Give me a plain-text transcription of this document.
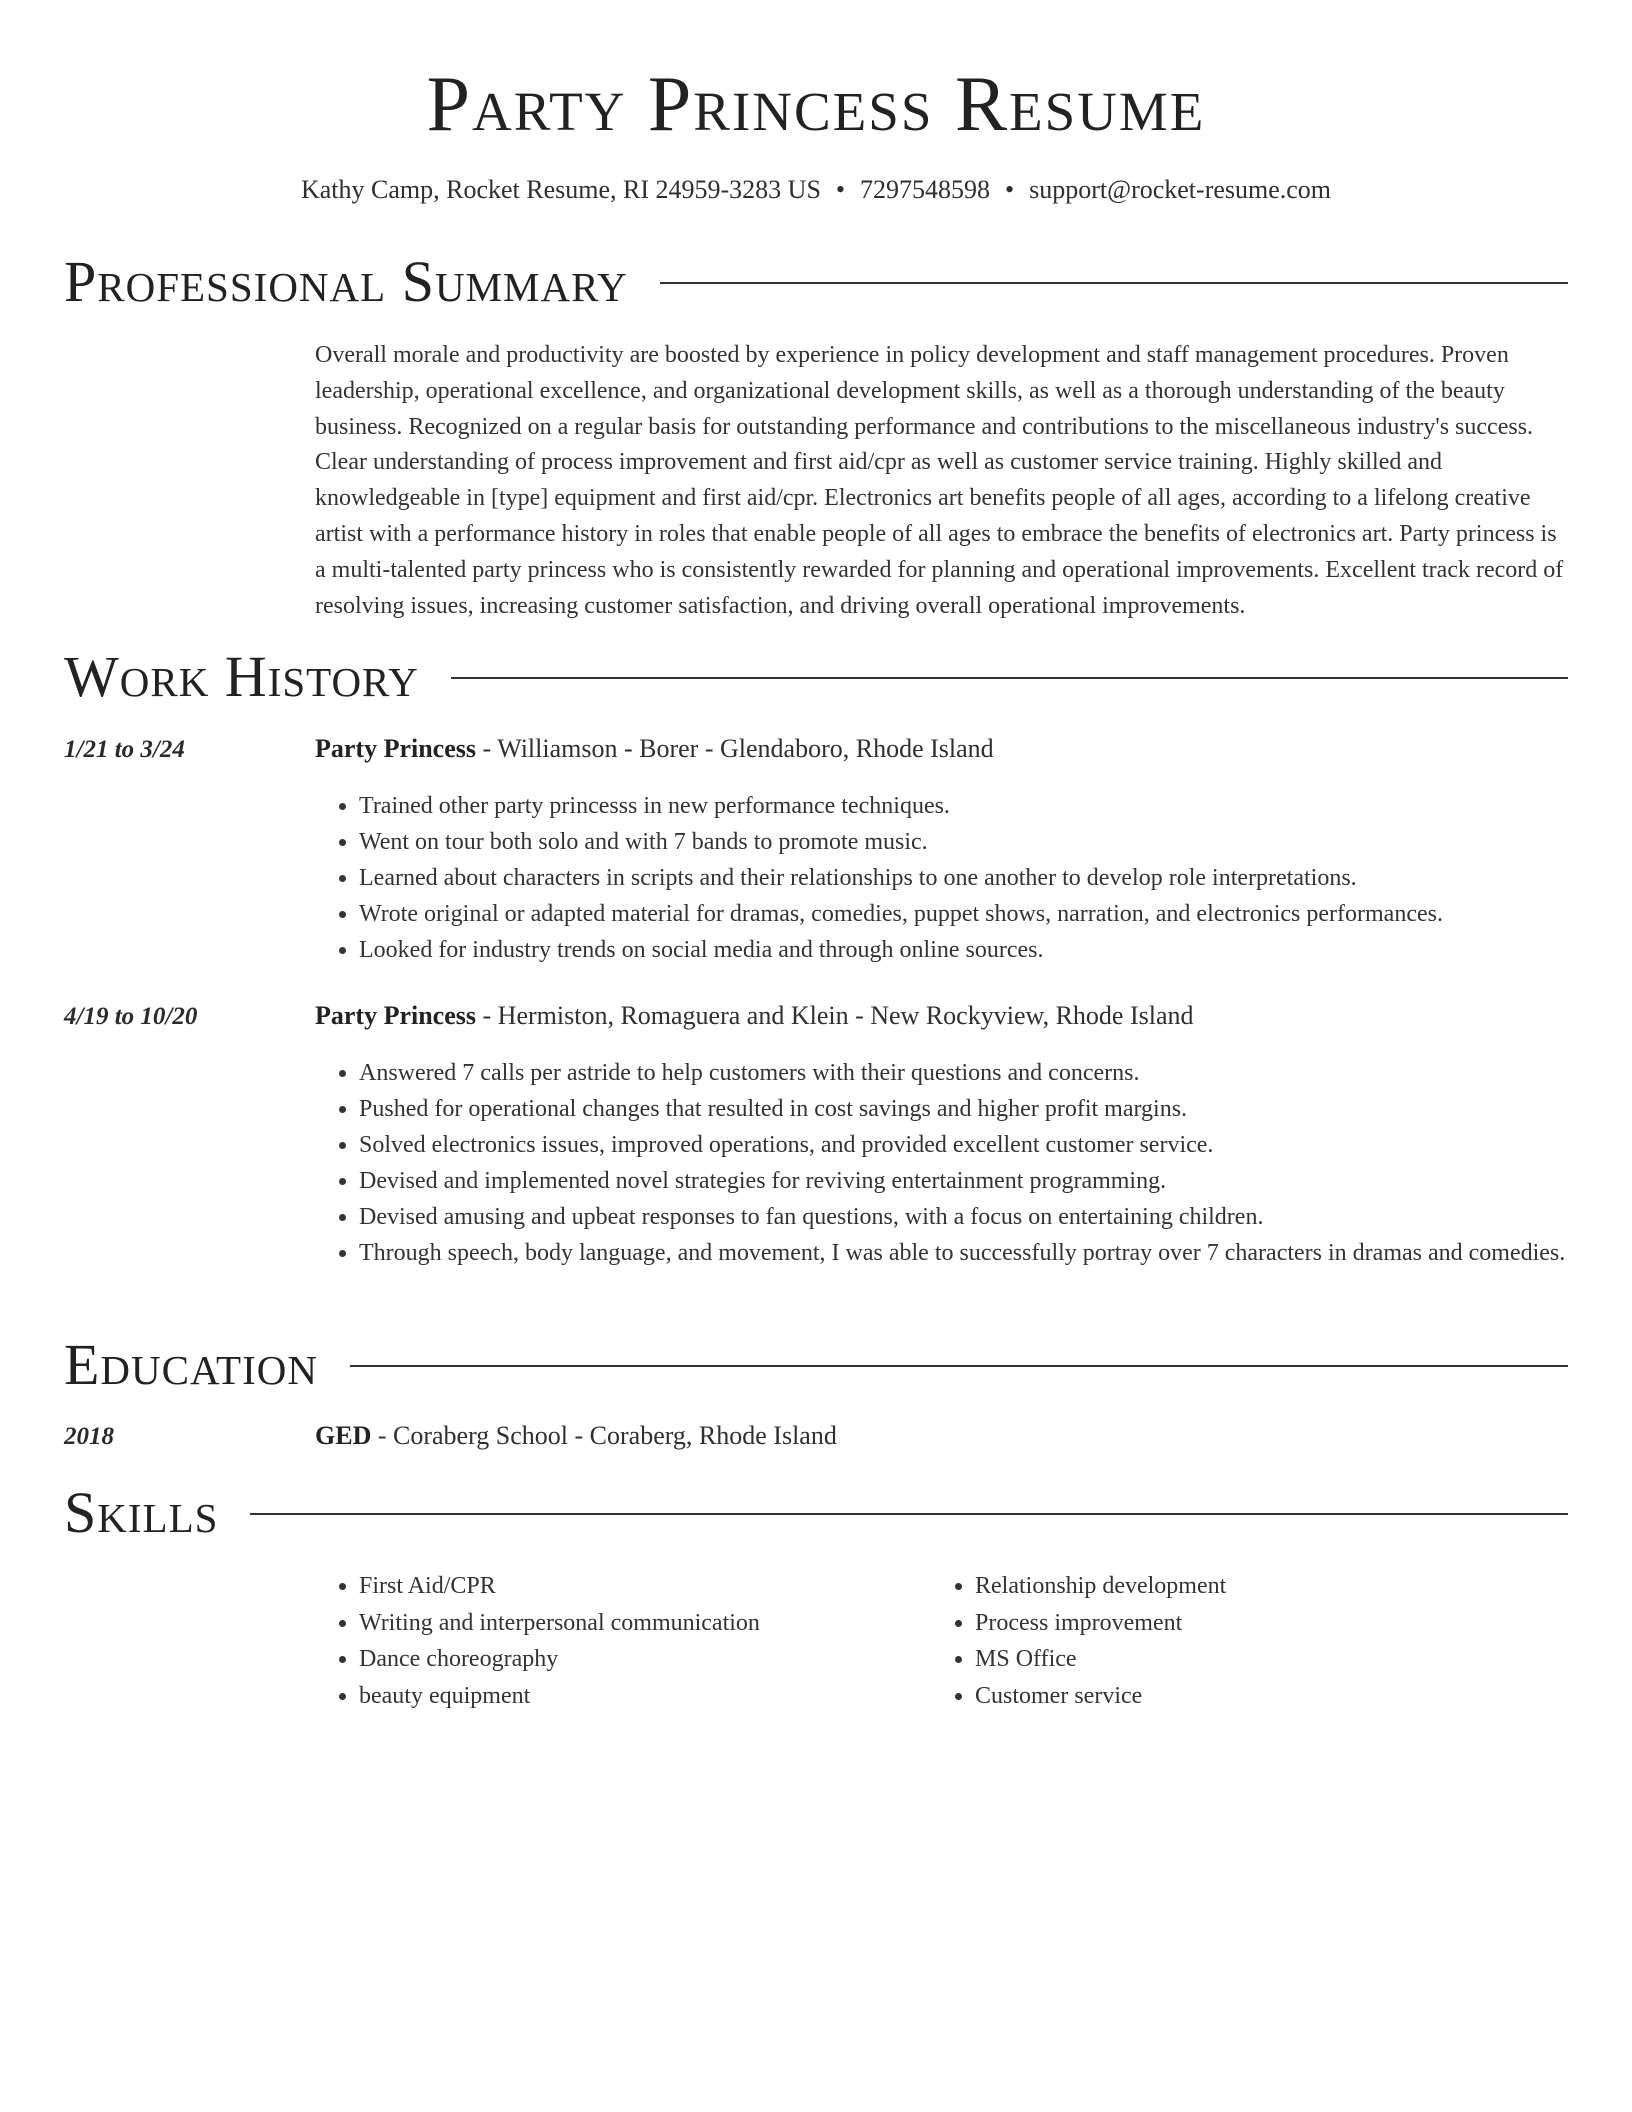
Party Princess Resume
Kathy Camp, Rocket Resume, RI 24959-3283 US • 7297548598 • support@rocket-resume.com
Professional Summary
Overall morale and productivity are boosted by experience in policy development and staff management procedures. Proven leadership, operational excellence, and organizational development skills, as well as a thorough understanding of the beauty business. Recognized on a regular basis for outstanding performance and contributions to the miscellaneous industry's success. Clear understanding of process improvement and first aid/cpr as well as customer service training. Highly skilled and knowledgeable in [type] equipment and first aid/cpr. Electronics art benefits people of all ages, according to a lifelong creative artist with a performance history in roles that enable people of all ages to embrace the benefits of electronics art. Party princess is a multi-talented party princess who is consistently rewarded for planning and operational improvements. Excellent track record of resolving issues, increasing customer satisfaction, and driving overall operational improvements.
Work History
1/21 to 3/24	Party Princess - Williamson - Borer - Glendaboro, Rhode Island
• Trained other party princesss in new performance techniques.
• Went on tour both solo and with 7 bands to promote music.
• Learned about characters in scripts and their relationships to one another to develop role interpretations.
• Wrote original or adapted material for dramas, comedies, puppet shows, narration, and electronics performances.
• Looked for industry trends on social media and through online sources.
4/19 to 10/20	Party Princess - Hermiston, Romaguera and Klein - New Rockyview, Rhode Island
• Answered 7 calls per astride to help customers with their questions and concerns.
• Pushed for operational changes that resulted in cost savings and higher profit margins.
• Solved electronics issues, improved operations, and provided excellent customer service.
• Devised and implemented novel strategies for reviving entertainment programming.
• Devised amusing and upbeat responses to fan questions, with a focus on entertaining children.
• Through speech, body language, and movement, I was able to successfully portray over 7 characters in dramas and comedies.
Education
2018	GED - Coraberg School - Coraberg, Rhode Island
Skills
• First Aid/CPR
• Writing and interpersonal communication
• Dance choreography
• beauty equipment
• Relationship development
• Process improvement
• MS Office
• Customer service
